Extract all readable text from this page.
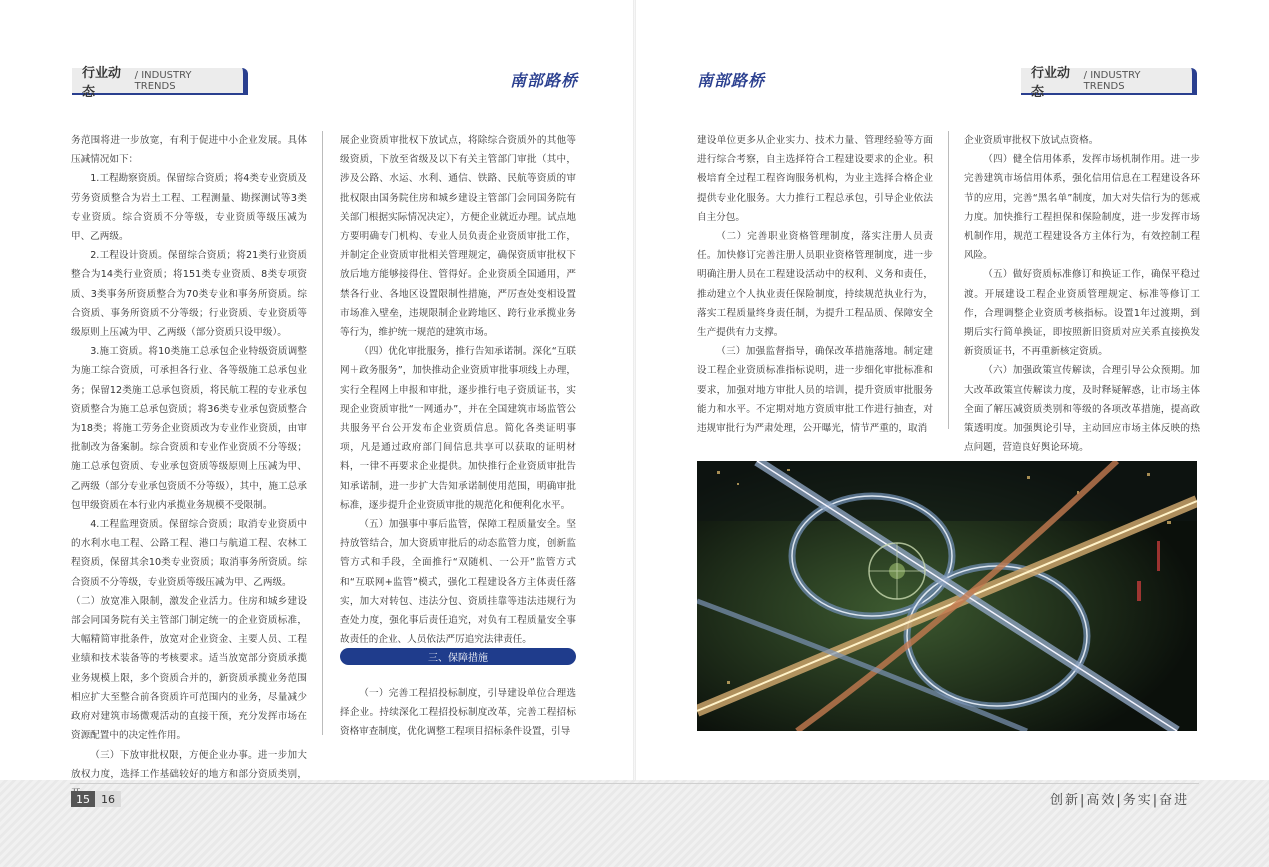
行业动态
/ INDUSTRY TRENDS	南部路桥	南部路桥	行业动态
/ INDUSTRY TRENDS

务范围将进一步放宽，有利于促进中小企业发展。具体压减情况如下：

1.工程勘察资质。保留综合资质；将4类专业资质及劳务资质整合为岩土工程、工程测量、勘探测试等3类专业资质。综合资质不分等级，专业资质等级压减为甲、乙两级。

2.工程设计资质。保留综合资质；将21类行业资质整合为14类行业资质；将151类专业资质、8类专项资质、3类事务所资质整合为70类专业和事务所资质。综合资质、事务所资质不分等级；行业资质、专业资质等级原则上压减为甲、乙两级（部分资质只设甲级）。

3.施工资质。将10类施工总承包企业特级资质调整为施工综合资质，可承担各行业、各等级施工总承包业务；保留12类施工总承包资质，将民航工程的专业承包资质整合为施工总承包资质；将36类专业承包资质整合为18类；将施工劳务企业资质改为专业作业资质，由审批制改为备案制。综合资质和专业作业资质不分等级；施工总承包资质、专业承包资质等级原则上压减为甲、乙两级（部分专业承包资质不分等级），其中，施工总承包甲级资质在本行业内承揽业务规模不受限制。

4.工程监理资质。保留综合资质；取消专业资质中的水利水电工程、公路工程、港口与航道工程、农林工程资质，保留其余10类专业资质；取消事务所资质。综合资质不分等级，专业资质等级压减为甲、乙两级。

（二）放宽准入限制，激发企业活力。住房和城乡建设部会同国务院有关主管部门制定统一的企业资质标准，大幅精简审批条件，放宽对企业资金、主要人员、工程业绩和技术装备等的考核要求。适当放宽部分资质承揽业务规模上限，多个资质合并的，新资质承揽业务范围相应扩大至整合前各资质许可范围内的业务，尽量减少政府对建筑市场微观活动的直接干预，充分发挥市场在资源配置中的决定性作用。

（三）下放审批权限，方便企业办事。进一步加大放权力度，选择工作基础较好的地方和部分资质类别，

展企业资质审批权下放试点，将除综合资质外的其他等级资质，下放至省级及以下有关主管部门审批（其中，涉及公路、水运、水利、通信、铁路、民航等资质的审批权限由国务院住房和城乡建设主管部门会同国务院有关部门根据实际情况决定），方便企业就近办理。试点地方要明确专门机构、专业人员负责企业资质审批工作，并制定企业资质审批相关管理规定，确保资质审批权下放后地方能够接得住、管得好。企业资质全国通用，严禁各行业、各地区设置限制性措施，严厉查处变相设置市场准入壁垒，违规限制企业跨地区、跨行业承揽业务等行为，维护统一规范的建筑市场。

（四）优化审批服务，推行告知承诺制。深化“互联网＋政务服务”，加快推动企业资质审批事项线上办理，实行全程网上申报和审批，逐步推行电子资质证书，实现企业资质审批“一网通办”，并在全国建筑市场监管公共服务平台公开发布企业资质信息。简化各类证明事项，凡是通过政府部门间信息共享可以获取的证明材料，一律不再要求企业提供。加快推行企业资质审批告知承诺制，进一步扩大告知承诺制使用范围，明确审批标准，逐步提升企业资质审批的规范化和便利化水平。

（五）加强事中事后监管，保障工程质量安全。坚持放管结合，加大资质审批后的动态监管力度，创新监管方式和手段，全面推行“双随机、一公开”监管方式和“互联网+监管”模式，强化工程建设各方主体责任落实，加大对转包、违法分包、资质挂靠等违法违规行为查处力度，强化事后责任追究，对负有工程质量安全事故责任的企业、人员依法严厉追究法律责任。

三、保障措施

（一）完善工程招投标制度，引导建设单位合理选择企业。持续深化工程招投标制度改革，完善工程招标资格审查制度，优化调整工程项目招标条件设置，引导

建设单位更多从企业实力、技术力量、管理经验等方面进行综合考察，自主选择符合工程建设要求的企业。积极培育全过程工程咨询服务机构，为业主选择合格企业提供专业化服务。大力推行工程总承包，引导企业依法自主分包。

（二）完善职业资格管理制度，落实注册人员责任。加快修订完善注册人员职业资格管理制度，进一步明确注册人员在工程建设活动中的权利、义务和责任，推动建立个人执业责任保险制度，持续规范执业行为，落实工程质量终身责任制，为提升工程品质、保障安全生产提供有力支撑。

（三）加强监督指导，确保改革措施落地。制定建设工程企业资质标准指标说明，进一步细化审批标准和要求，加强对地方审批人员的培训，提升资质审批服务能力和水平。不定期对地方资质审批工作进行抽查，对违规审批行为严肃处理，公开曝光，情节严重的，取消

企业资质审批权下放试点资格。

（四）健全信用体系，发挥市场机制作用。进一步完善建筑市场信用体系，强化信用信息在工程建设各环节的应用，完善“黑名单”制度，加大对失信行为的惩戒力度。加快推行工程担保和保险制度，进一步发挥市场机制作用，规范工程建设各方主体行为，有效控制工程风险。

（五）做好资质标准修订和换证工作，确保平稳过渡。开展建设工程企业资质管理规定、标准等修订工作，合理调整企业资质考核指标。设置1年过渡期，到期后实行简单换证，即按照新旧资质对应关系直接换发新资质证书，不再重新核定资质。

（六）加强政策宣传解读，合理引导公众预期。加大改革政策宣传解读力度，及时释疑解惑，让市场主体全面了解压减资质类别和等级的各项改革措施，提高政策透明度。加强舆论引导，主动回应市场主体反映的热点问题，营造良好舆论环境。

15	16	创新|高效|务实|奋进
